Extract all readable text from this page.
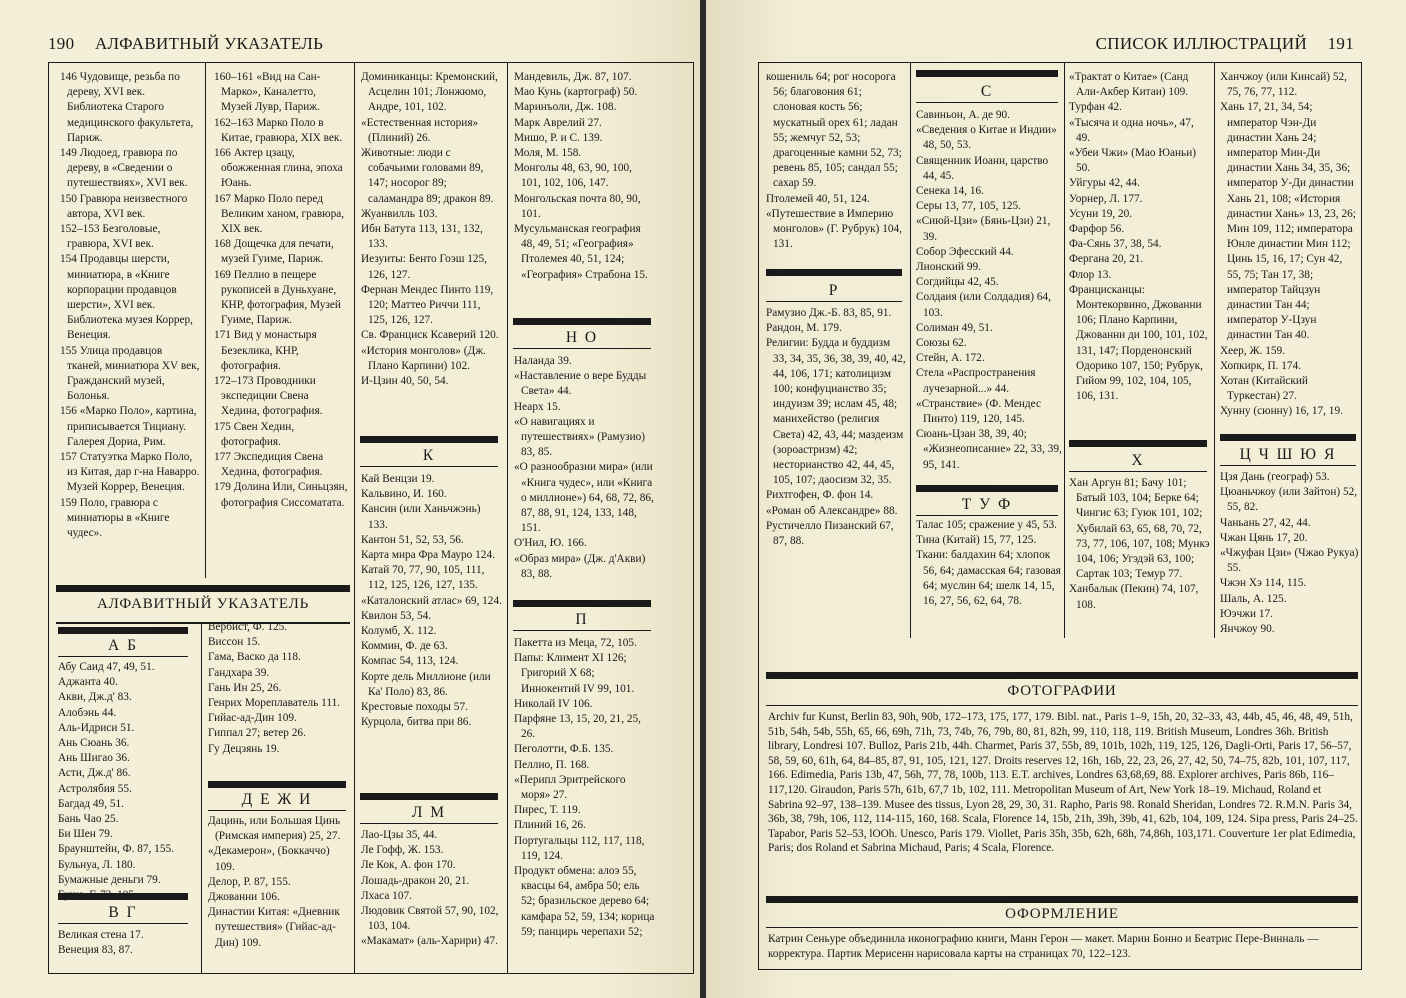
190 АЛФАВИТНЫЙ УКАЗАТЕЛЬ

146 Чудовище, резьба по дереву, XVI век. Библиотека Старого медицинского факультета, Париж.

149 Людоед, гравюра по дереву, в «Сведении о путешествиях», XVI век.

150 Гравюра неизвестного автора, XVI век.

152–153 Безголовые, гравюра, XVI век.

154 Продавцы шерсти, миниатюра, в «Книге корпорации продавцов шерсти», XVI век. Библиотека музея Коррер, Венеция.

155 Улица продавцов тканей, миниатюра XV век, Гражданский музей, Болонья.

156 «Марко Поло», картина, приписывается Тициану. Галерея Дориа, Рим.

157 Статуэтка Марко Поло, из Китая, дар г-на Наварро. Музей Коррер, Венеция.

159 Поло, гравюра с миниатюры в «Книге чудес».

160–161 «Вид на Сан-Марко», Каналетто, Музей Лувр, Париж.

162–163 Марко Поло в Китае, гравюра, XIX век.

166 Актер цзацу, обожженная глина, эпоха Юань.

167 Марко Поло перед Великим ханом, гравюра, XIX век.

168 Дощечка для печати, музей Гуиме, Париж.

169 Пеллио в пещере рукописей в Дуньхуане, КНР, фотография, Музей Гуиме, Париж.

171 Вид у монастыря Безеклика, КНР, фотография.

172–173 Проводники экспедиции Свена Хедина, фотография.

175 Свен Хедин, фотография.

177 Экспедиция Свена Хедина, фотография.

179 Долина Или, Синьцзян, фотография Сиссоматата.

АЛФАВИТНЫЙ УКАЗАТЕЛЬ
А Б

Абу Саид 47, 49, 51.

Аджанта 40.

Акви, Дж.д' 83.

Алобэнь 44.

Аль-Идриси 51.

Ань Сюань 36.

Ань Шигао 36.

Асти, Дж.д' 86.

Астролябия 55.

Багдад 49, 51.

Бань Чао 25.

Би Шен 79.

Браунштейн, Ф. 87, 155.

Бульнуа, Л. 180.

Бумажные деньги 79.

В Г

Великая стена 17.

Венеция 83, 87.

Вербист, Ф. 125.

Виссон 15.

Гама, Васко да 118.

Гандхара 39.

Гань Ин 25, 26.

Генрих Мореплаватель 111.

Гийас-ад-Дин 109.

Гиппал 27; ветер 26.

Гу Децзянь 19.

Д Е Ж И

Дацинь, или Большая Цинь (Римская империя) 25, 27.

«Декамерон», (Боккаччо) 109.

Делор, Р. 87, 155.

Джованни 106.

Династии Китая: «Дневник путешествия» (Гийас-ад-Дин) 109.

Доминиканцы: Кремонский, Асцелин 101; Лонжюмо, Андре, 101, 102.

«Естественная история» (Плиний) 26.

Животные: люди с собачьими головами 89, 147; носорог 89; саламандра 89; дракон 89.

Жуанвилль 103.

Ибн Батута 113, 131, 132, 133.

Иезуиты: Бенто Гоэш 125, 126, 127.

Фернан Мендес Пинто 119, 120; Маттео Риччи 111, 125, 126, 127.

Св. Франциск Ксаверий 120.

«История монголов» (Дж. Плано Карпини) 102.

И-Цзин 40, 50, 54.

К

Кай Венцзи 19.

Кальвино, И. 160.

Кансин (или Ханьчжэнь) 133.

Кантон 51, 52, 53, 56.

Карта мира Фра Мауро 124.

Катай 70, 77, 90, 105, 111, 112, 125, 126, 127, 135.

«Каталонский атлас» 69, 124.

Квилон 53, 54.

Колумб, Х. 112.

Коммин, Ф. де 63.

Компас 54, 113, 124.

Корте дель Миллионе (или Ка' Поло) 83, 86.

Крестовые походы 57.

Курцола, битва при 86.

Л М

Лао-Цзы 35, 44.

Ле Гофф, Ж. 153.

Ле Кок, А. фон 170.

Лошадь-дракон 20, 21.

Лхаса 107.

Людовик Святой 57, 90, 102, 103, 104.

«Макамат» (аль-Харири) 47.

Мандевиль, Дж. 87, 107.

Мао Кунь (картограф) 50.

Маринъоли, Дж. 108.

Марк Аврелий 27.

Мишо, Р. и С. 139.

Моля, М. 158.

Монголы 48, 63, 90, 100, 101, 102, 106, 147.

Монгольская почта 80, 90, 101.

Мусульманская география 48, 49, 51; «География» Птолемея 40, 51, 124; «География» Страбона 15.

Н О

Наланда 39.

«Наставление о вере Будды Света» 44.

Неарх 15.

«О навигациях и путешествиях» (Рамузио) 83, 85.

«О разнообразии мира» (или «Книга чудес», или «Книга о миллионе») 64, 68, 72, 86, 87, 88, 91, 124, 133, 148, 151.

О'Нил, Ю. 166.

«Образ мира» (Дж. д'Акви) 83, 88.

П

Пакетта из Меца, 72, 105.

Папы: Климент XI 126; Григорий X 68; Иннокентий IV 99, 101.

Николай IV 106.

Парфяне 13, 15, 20, 21, 25, 26.

Пеголотти, Ф.Б. 135.

Пеллио, П. 168.

«Перипл Эритрейского моря» 27.

Пирес, Т. 119.

Плиний 16, 26.

Португальцы 112, 117, 118, 119, 124.

Продукт обмена: алоэ 55, квасцы 64, амбра 50; ель 52; бразильское дерево 64; камфара 52, 59, 134; корица 59; панцирь черепахи 52;

СПИСОК ИЛЛЮСТРАЦИЙ 191

кошениль 64; рог носорога 56; благовония 61; слоновая кость 56; мускатный орех 61; ладан 55; жемчуг 52, 53; драгоценные камни 52, 73; ревень 85, 105; сандал 55; сахар 59.

Птолемей 40, 51, 124.

«Путешествие в Империю монголов» (Г. Рубрук) 104, 131.

Р

Рамузио Дж.-Б. 83, 85, 91.

Рандон, М. 179.

Религии: Будда и буддизм 33, 34, 35, 36, 38, 39, 40, 42, 44, 106, 171; католицизм 100; конфуцианство 35; индуизм 39; ислам 45, 48; манихейство (религия Света) 42, 43, 44; маздеизм (зороастризм) 42; несторианство 42, 44, 45, 105, 107; даосизм 32, 35.

Рихтгофен, Ф. фон 14.

«Роман об Александре» 88.

Рустичелло Пизанский 67, 87, 88.

С

Савиньон, А. де 90.

«Сведения о Китае и Индии» 48, 50, 53.

Священник Иоанн, царство 44, 45.

Сенека 14, 16.

Серы 13, 77, 105, 125.

«Сиюй-Цзи» (Бянь-Цзи) 21, 39.

Собор Эфесский 44.

Лионский 99.

Согдийцы 42, 45.

Солдаия (или Солдадия) 64, 103.

Солиман 49, 51.

Союзы 62.

Стейн, А. 172.

Стела «Распространения лучезарной...» 44.

«Странствие» (Ф. Мендес Пинто) 119, 120, 145.

Сюань-Цзан 38, 39, 40; «Жизнеописание» 22, 33, 39, 95, 141.

Т У Ф

Талас 105; сражение у 45, 53.

Тина (Китай) 15, 77, 125.

Ткани: балдахин 64; хлопок 56, 64; дамасская 64; газовая 64; муслин 64; шелк 14, 15, 16, 27, 56, 62, 64, 78.

«Трактат о Китае» (Санд Али-Акбер Китаи) 109.

Турфан 42.

«Тысяча и одна ночь», 47, 49.

«Убеи Чжи» (Мао Юаньи) 50.

Уйгуры 42, 44.

Уорнер, Л. 177.

Усуни 19, 20.

Фарфор 56.

Фа-Сянь 37, 38, 54.

Фергана 20, 21.

Флор 13.

Францисканцы: Монтекорвино, Джованни 106; Плано Карпини, Джованни ди 100, 101, 102, 131, 147; Порденонский Одорико 107, 150; Рубрук, Гийом 99, 102, 104, 105, 106, 131.

Х

Хан Аргун 81; Бачу 101; Батый 103, 104; Берке 64; Чингис 63; Гуюк 101, 102; Хубилай 63, 65, 68, 70, 72, 73, 77, 106, 107, 108; Мункэ 104, 106; Угэдэй 63, 100; Сартак 103; Темур 77.

Ханбалык (Пекин) 74, 107, 108.

Ханчжоу (или Кинсай) 52, 75, 76, 77, 112.

Хань 17, 21, 34, 54; император Чэн-Ди династии Хань 24; император Мин-Ди династии Хань 34, 35, 36; император У-Ди династии Хань 21, 108; «История династии Хань» 13, 23, 26; Мин 109, 112; императора Юнле династии Мин 112; Цинь 15, 16, 17; Сун 42, 55, 75; Тан 17, 38; император Тайцзун династии Тан 44; император У-Цзун династии Тан 40.

Хеер, Ж. 159.

Хопкирк, П. 174.

Хотан (Китайский Туркестан) 27.

Хунну (сюнну) 16, 17, 19.

Ц Ч Ш Ю Я

Цзя Дань (географ) 53.

Цюаньчжоу (или Зайтон) 52, 55, 82.

Чаньань 27, 42, 44.

Чжан Цянь 17, 20.

«Чжуфан Цзи» (Чжао Рукуа) 55.

Чжэн Хэ 114, 115.

Шаль, А. 125.

Юэчжи 17.

Янчжоу 90.

ФОТОГРАФИИ
Archiv fur Kunst, Berlin 83, 90h, 90b, 172–173, 175, 177, 179. Bibl. nat., Paris 1–9, 15h, 20, 32–33, 43, 44b, 45, 46, 48, 49, 51h, 51b, 54h, 54b, 55h, 65, 66, 69h, 71h, 73, 74b, 76, 79b, 80, 81, 82h, 99, 110, 118, 119. British Museum, Londres 36h. British library, Londresi 107. Bulloz, Paris 21b, 44h. Charmet, Paris 37, 55b, 89, 101b, 102h, 119, 125, 126, Dagli-Orti, Paris 17, 56–57, 58, 59, 60, 61h, 64, 84–85, 87, 91, 105, 121, 127. Droits reserves 12, 16h, 16b, 22, 23, 26, 27, 42, 50, 74–75, 82b, 101, 107, 117, 166. Edimedia, Paris 13b, 47, 56h, 77, 78, 100b, 113. E.T. archives, Londres 63,68,69, 88. Explorer archives, Paris 86b, 116–117,120. Giraudon, Paris 57h, 61b, 67,7 1b, 102, 111. Metropolitan Museum of Art, New York 18–19. Michaud, Roland et Sabrina 92–97, 138–139. Musee des tissus, Lyon 28, 29, 30, 31. Rapho, Paris 98. Ronald Sheridan, Londres 72. R.M.N. Paris 34, 36b, 38, 79h, 106, 112, 114-115, 160, 168. Scala, Florence 14, 15b, 21h, 39h, 39b, 41, 62b, 104, 109, 124. Sipa press, Paris 24–25. Tapabor, Paris 52–53, lOOh. Unesco, Paris 179. Viollet, Paris 35h, 35b, 62h, 68h, 74,86h, 103,171. Couverture 1er plat Edimedia, Paris; dos Roland et Sabrina Michaud, Paris; 4 Scala, Florence.
ОФОРМЛЕНИЕ
Катрин Сеньуре объединила иконографию книги, Манн Герон — макет. Марин Бонно и Беатрис Пере-Винналь — корректура. Партик Мерисенн нарисовала карты на страницах 70, 122–123.
